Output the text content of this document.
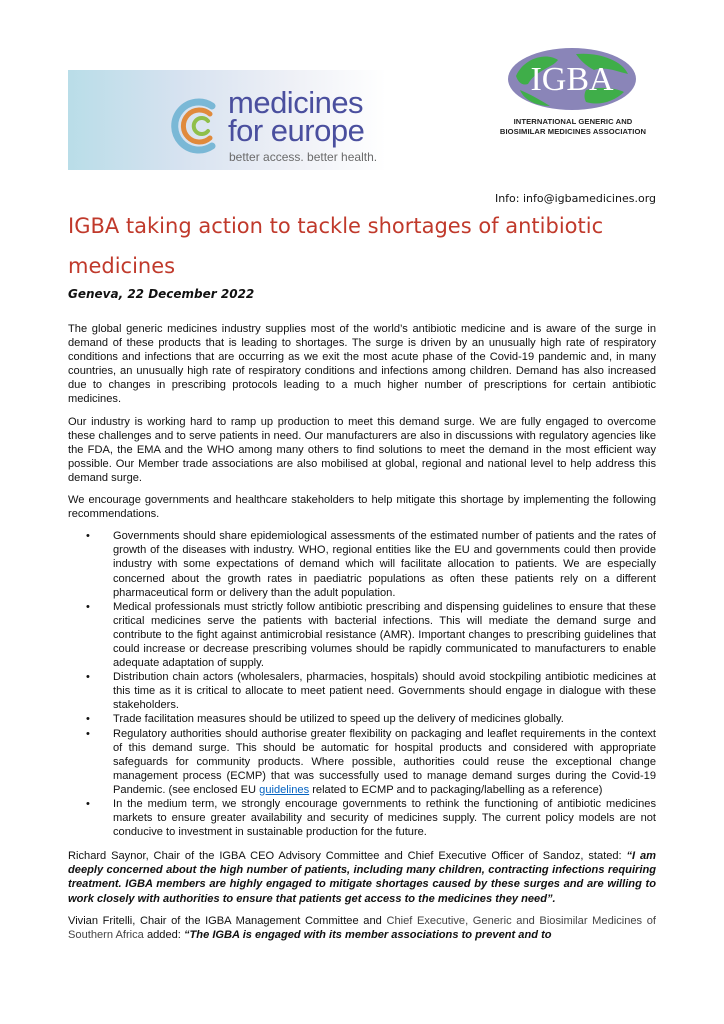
medicines
for europe
better access. better health.
IGBA
INTERNATIONAL GENERIC AND
BIOSIMILAR MEDICINES ASSOCIATION
Info: info@igbamedicines.org
IGBA taking action to tackle shortages of antibiotic medicines
Geneva, 22 December 2022

The global generic medicines industry supplies most of the world’s antibiotic medicine and is aware of the surge in demand of these products that is leading to shortages. The surge is driven by an unusually high rate of respiratory conditions and infections that are occurring as we exit the most acute phase of the Covid-19 pandemic and, in many countries, an unusually high rate of respiratory conditions and infections among children. Demand has also increased due to changes in prescribing protocols leading to a much higher number of prescriptions for certain antibiotic medicines.

Our industry is working hard to ramp up production to meet this demand surge. We are fully engaged to overcome these challenges and to serve patients in need. Our manufacturers are also in discussions with regulatory agencies like the FDA, the EMA and the WHO among many others to find solutions to meet the demand in the most efficient way possible. Our Member trade associations are also mobilised at global, regional and national level to help address this demand surge.

We encourage governments and healthcare stakeholders to help mitigate this shortage by implementing the following recommendations.

• Governments should share epidemiological assessments of the estimated number of patients and the rates of growth of the diseases with industry. WHO, regional entities like the EU and governments could then provide industry with some expectations of demand which will facilitate allocation to patients. We are especially concerned about the growth rates in paediatric populations as often these patients rely on a different pharmaceutical form or delivery than the adult population.
• Medical professionals must strictly follow antibiotic prescribing and dispensing guidelines to ensure that these critical medicines serve the patients with bacterial infections. This will mediate the demand surge and contribute to the fight against antimicrobial resistance (AMR). Important changes to prescribing guidelines that could increase or decrease prescribing volumes should be rapidly communicated to manufacturers to enable adequate adaptation of supply.
• Distribution chain actors (wholesalers, pharmacies, hospitals) should avoid stockpiling antibiotic medicines at this time as it is critical to allocate to meet patient need. Governments should engage in dialogue with these stakeholders.
• Trade facilitation measures should be utilized to speed up the delivery of medicines globally.
• Regulatory authorities should authorise greater flexibility on packaging and leaflet requirements in the context of this demand surge. This should be automatic for hospital products and considered with appropriate safeguards for community products. Where possible, authorities could reuse the exceptional change management process (ECMP) that was successfully used to manage demand surges during the Covid-19 Pandemic. (see enclosed EU guidelines related to ECMP and to packaging/labelling as a reference)
• In the medium term, we strongly encourage governments to rethink the functioning of antibiotic medicines markets to ensure greater availability and security of medicines supply. The current policy models are not conducive to investment in sustainable production for the future.

Richard Saynor, Chair of the IGBA CEO Advisory Committee and Chief Executive Officer of Sandoz, stated: “I am deeply concerned about the high number of patients, including many children, contracting infections requiring treatment. IGBA members are highly engaged to mitigate shortages caused by these surges and are willing to work closely with authorities to ensure that patients get access to the medicines they need”.

Vivian Fritelli, Chair of the IGBA Management Committee and Chief Executive, Generic and Biosimilar Medicines of Southern Africa added: “The IGBA is engaged with its member associations to prevent and to
